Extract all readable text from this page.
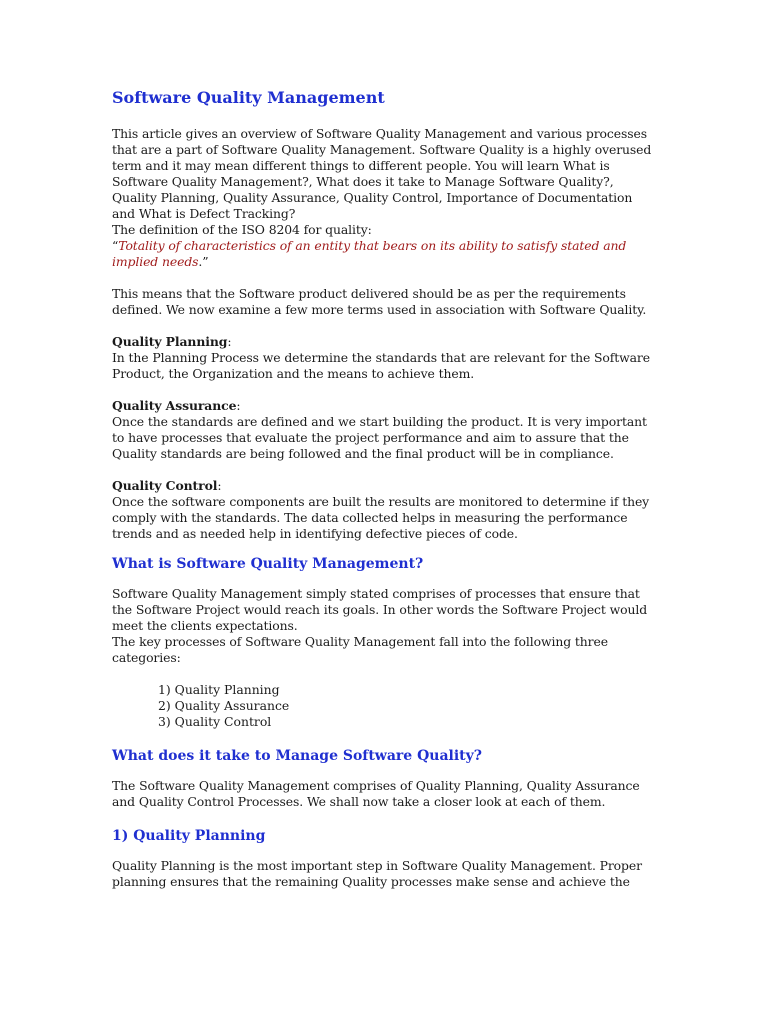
Software Quality Management

This article gives an overview of Software Quality Management and various processes that are a part of Software Quality Management. Software Quality is a highly overused term and it may mean different things to different people. You will learn What is Software Quality Management?, What does it take to Manage Software Quality?, Quality Planning, Quality Assurance, Quality Control, Importance of Documentation and What is Defect Tracking?

The definition of the ISO 8204 for quality:

“Totality of characteristics of an entity that bears on its ability to satisfy stated and implied needs.”

This means that the Software product delivered should be as per the requirements defined. We now examine a few more terms used in association with Software Quality.

Quality Planning:

In the Planning Process we determine the standards that are relevant for the Software Product, the Organization and the means to achieve them.

Quality Assurance:

Once the standards are defined and we start building the product. It is very important to have processes that evaluate the project performance and aim to assure that the Quality standards are being followed and the final product will be in compliance.

Quality Control:

Once the software components are built the results are monitored to determine if they comply with the standards. The data collected helps in measuring the performance trends and as needed help in identifying defective pieces of code.

What is Software Quality Management?

Software Quality Management simply stated comprises of processes that ensure that the Software Project would reach its goals. In other words the Software Project would meet the clients expectations.

The key processes of Software Quality Management fall into the following three categories:

1) Quality Planning
2) Quality Assurance
3) Quality Control
What does it take to Manage Software Quality?

The Software Quality Management comprises of Quality Planning, Quality Assurance and Quality Control Processes. We shall now take a closer look at each of them.

1) Quality Planning

Quality Planning is the most important step in Software Quality Management. Proper planning ensures that the remaining Quality processes make sense and achieve the
